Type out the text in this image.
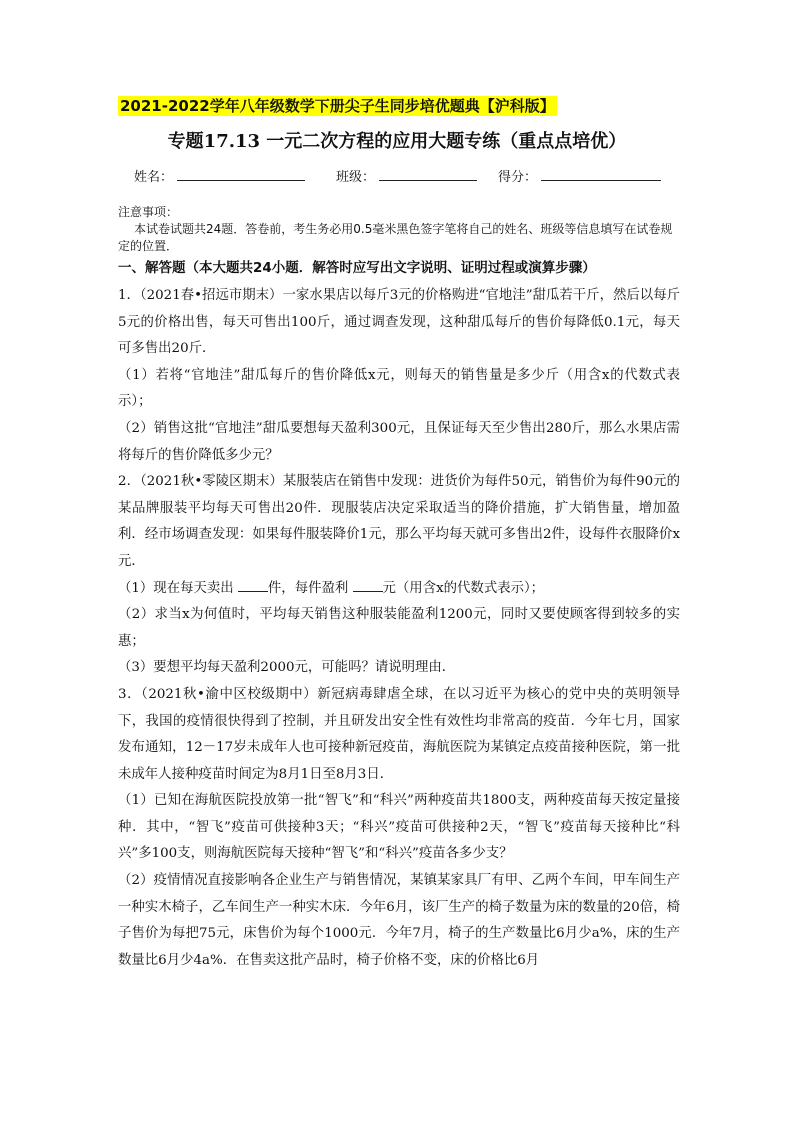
2021-2022学年八年级数学下册尖子生同步培优题典【沪科版】
专题17.13 一元二次方程的应用大题专练（重点点培优）
姓名：	班级：	得分：
注意事项：
本试卷试题共24题．答卷前，考生务必用0.5毫米黑色签字笔将自己的姓名、班级等信息填写在试卷规定的位置．
一、解答题（本大题共24小题．解答时应写出文字说明、证明过程或演算步骤）

1．（2021春•招远市期末）一家水果店以每斤3元的价格购进“官地洼”甜瓜若干斤，然后以每斤5元的价格出售，每天可售出100斤，通过调查发现，这种甜瓜每斤的售价每降低0.1元，每天可多售出20斤．

（1）若将“官地洼”甜瓜每斤的售价降低x元，则每天的销售量是多少斤（用含x的代数式表示）；

（2）销售这批“官地洼”甜瓜要想每天盈利300元，且保证每天至少售出280斤，那么水果店需将每斤的售价降低多少元？

2．（2021秋•零陵区期末）某服装店在销售中发现：进货价为每件50元，销售价为每件90元的某品牌服装平均每天可售出20件．现服装店决定采取适当的降价措施，扩大销售量，增加盈利．经市场调查发现：如果每件服装降价1元，那么平均每天就可多售出2件，设每件衣服降价x元．

（1）现在每天卖出	件，每件盈利	元（用含x的代数式表示）；

（2）求当x为何值时，平均每天销售这种服装能盈利1200元，同时又要使顾客得到较多的实惠；

（3）要想平均每天盈利2000元，可能吗？请说明理由．

3．（2021秋•渝中区校级期中）新冠病毒肆虐全球，在以习近平为核心的党中央的英明领导下，我国的疫情很快得到了控制，并且研发出安全性有效性均非常高的疫苗．今年七月，国家发布通知，12－17岁未成年人也可接种新冠疫苗，海航医院为某镇定点疫苗接种医院，第一批未成年人接种疫苗时间定为8月1日至8月3日．

（1）已知在海航医院投放第一批“智飞”和“科兴”两种疫苗共1800支，两种疫苗每天按定量接种．其中，“智飞”疫苗可供接种3天；“科兴”疫苗可供接种2天，“智飞”疫苗每天接种比“科兴”多100支，则海航医院每天接种“智飞”和“科兴”疫苗各多少支？

（2）疫情情况直接影响各企业生产与销售情况，某镇某家具厂有甲、乙两个车间，甲车间生产一种实木椅子，乙车间生产一种实木床．今年6月，该厂生产的椅子数量为床的数量的20倍，椅子售价为每把75元，床售价为每个1000元．今年7月，椅子的生产数量比6月少a%，床的生产数量比6月少4a%．在售卖这批产品时，椅子价格不变，床的价格比6月
